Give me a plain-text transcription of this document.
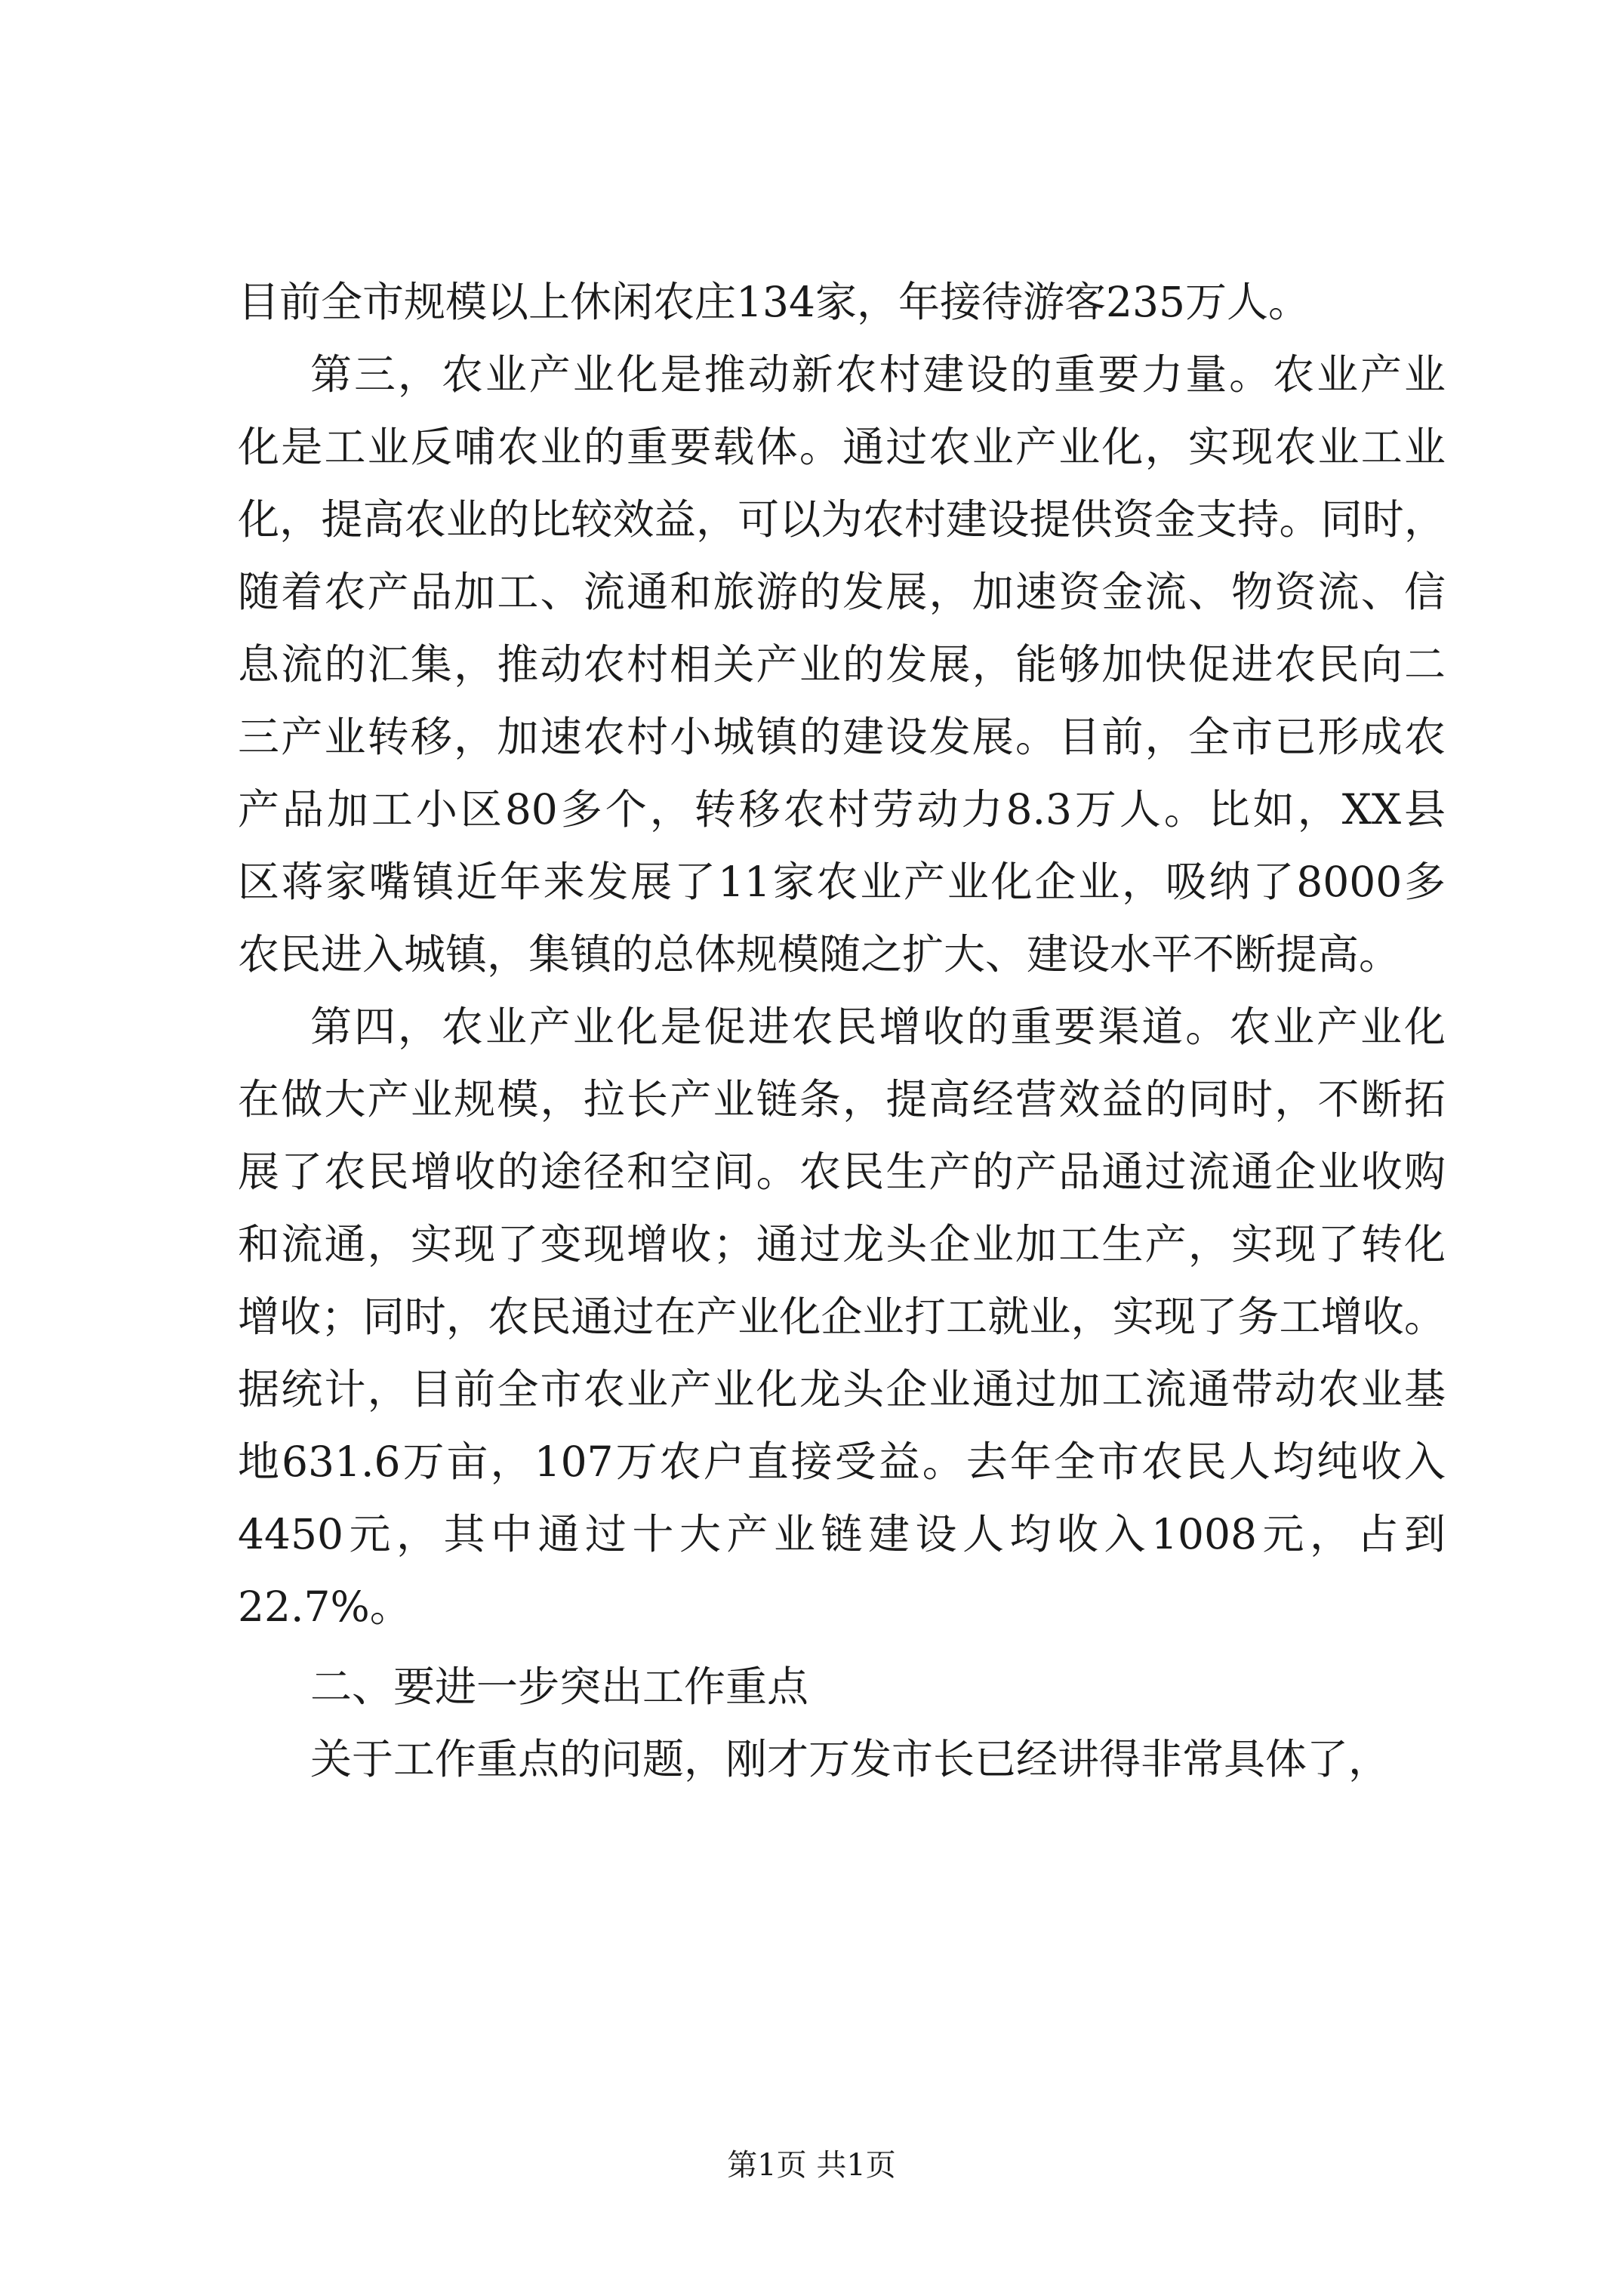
目前全市规模以上休闲农庄134家，年接待游客235万人。
第三，农业产业化是推动新农村建设的重要力量。农业产业
化是工业反哺农业的重要载体。通过农业产业化，实现农业工业
化，提高农业的比较效益，可以为农村建设提供资金支持。同时，
随着农产品加工、流通和旅游的发展，加速资金流、物资流、信
息流的汇集，推动农村相关产业的发展，能够加快促进农民向二
三产业转移，加速农村小城镇的建设发展。目前，全市已形成农
产品加工小区80多个，转移农村劳动力8.3万人。比如，XX县
区蒋家嘴镇近年来发展了11家农业产业化企业，吸纳了8000多
农民进入城镇，集镇的总体规模随之扩大、建设水平不断提高。
第四，农业产业化是促进农民增收的重要渠道。农业产业化
在做大产业规模，拉长产业链条，提高经营效益的同时，不断拓
展了农民增收的途径和空间。农民生产的产品通过流通企业收购
和流通，实现了变现增收；通过龙头企业加工生产，实现了转化
增收；同时，农民通过在产业化企业打工就业，实现了务工增收。
据统计，目前全市农业产业化龙头企业通过加工流通带动农业基
地631.6万亩，107万农户直接受益。去年全市农民人均纯收入
4450元，其中通过十大产业链建设人均收入1008元，占到
22.7%。
二、要进一步突出工作重点
关于工作重点的问题，刚才万发市长已经讲得非常具体了，
第1页 共1页
